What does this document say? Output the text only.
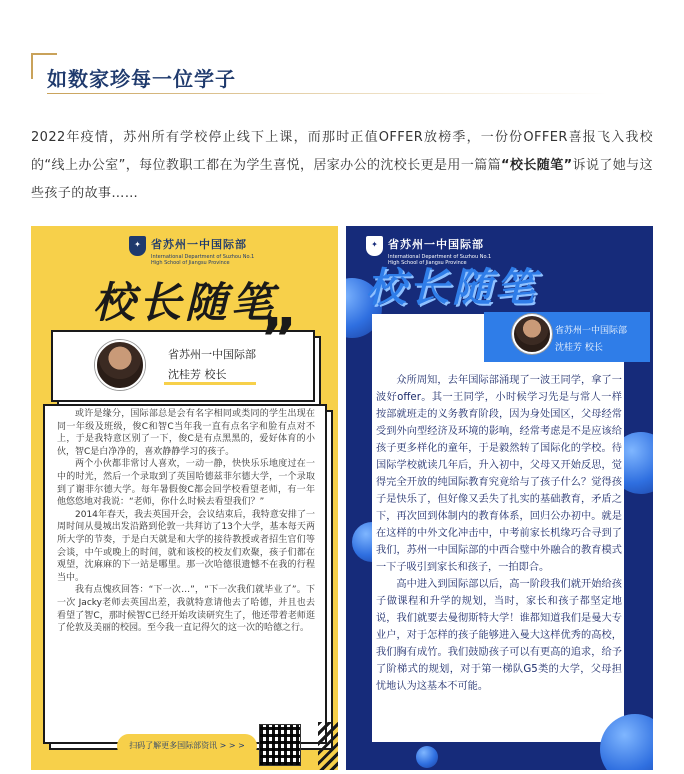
如数家珍每一位学子
2022年疫情，苏州所有学校停止线下上课，而那时正值OFFER放榜季，一份份OFFER喜报飞入我校的“线上办公室”，每位教职工都在为学生喜悦，居家办公的沈校长更是用一篇篇“校长随笔”诉说了她与这些孩子的故事……
✦ 省苏州一中国际部
International Department of Suzhou No.1 High School of Jiangsu Province
校长随笔
”
省苏州一中国际部
沈桂芳 校长

或许是缘分，国际部总是会有名字相同或类同的学生出现在同一年级及班级，俊C和智C当年我一直有点名字和脸有点对不上，于是我特意区别了一下，俊C是有点黑黑的，爱好体育的小伙，智C是白净净的，喜欢静静学习的孩子。

两个小伙都非常讨人喜欢，一动一静，快快乐乐地度过在一中的时光，然后一个录取到了英国哈德兹菲尔德大学，一个录取到了谢菲尔德大学。每年暑假俊C都会回学校看望老师，有一年他悠悠地对我说：“老师，你什么时候去看望我们？”

2014年春天，我去英国开会，会议结束后，我特意安排了一周时间从曼城出发沿路到伦敦一共拜访了13个大学，基本每天两所大学的节奏，于是白天就是和大学的接待教授或者招生官们等会谈，中午或晚上的时间，就和该校的校友们欢聚，孩子们都在观望，沈麻麻的下一站是哪里。那一次哈德很遗憾不在我的行程当中。

我有点愧疚回答：“下一次…”，“下一次我们就毕业了”。下一次 Jacky老师去英国出差，我就特意请他去了哈德，并且也去看望了智C，那时候智C已经开始攻读研究生了，他还带着老师逛了伦敦及美丽的校园。至今我一直记得欠的这一次的哈德之行。

扫码了解更多国际部资讯 > > >
✦ 省苏州一中国际部
International Department of Suzhou No.1 High School of Jiangsu Province
校长随笔
省苏州一中国际部
沈桂芳 校长

众所周知，去年国际部涌现了一波王同学，拿了一波好offer。其一王同学，小时候学习先是与常人一样按部就班走的义务教育阶段，因为身处国区，父母经常受到外向型经济及环境的影响，经常考虑是不是应该给孩子更多样化的童年，于是毅然转了国际化的学校。待国际学校就读几年后，升入初中，父母又开始反思，觉得完全开放的纯国际教育究竟给与了孩子什么？觉得孩子是快乐了，但好像又丢失了扎实的基础教育，矛盾之下，再次回到体制内的教育体系，回归公办初中。就是在这样的中外文化冲击中，中考前家长机缘巧合寻到了我们，苏州一中国际部的中西合璧中外融合的教育模式一下子吸引到家长和孩子，一拍即合。

高中进入到国际部以后，高一阶段我们就开始给孩子做课程和升学的规划，当时，家长和孩子都坚定地说，我们就要去曼彻斯特大学！谁都知道我们是曼大专业户，对于怎样的孩子能够进入曼大这样优秀的高校，我们胸有成竹。我们鼓励孩子可以有更高的追求，给予了阶梯式的规划，对于第一梯队G5类的大学，父母担忧地认为这基本不可能。
